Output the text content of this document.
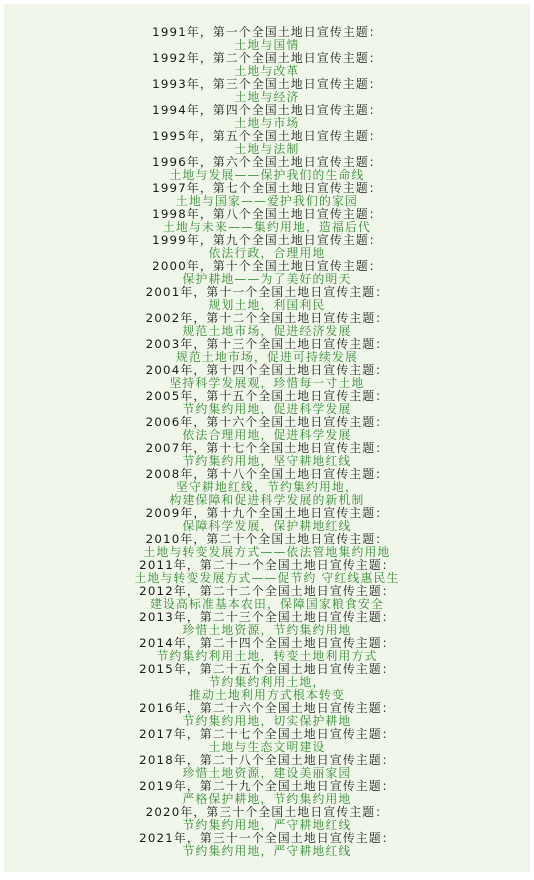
1991年，第一个全国土地日宣传主题：
土地与国情
1992年，第二个全国土地日宣传主题：
土地与改革
1993年，第三个全国土地日宣传主题：
土地与经济
1994年，第四个全国土地日宣传主题：
土地与市场
1995年，第五个全国土地日宣传主题：
土地与法制
1996年，第六个全国土地日宣传主题：
土地与发展——保护我们的生命线
1997年，第七个全国土地日宣传主题：
土地与国家——爱护我们的家园
1998年，第八个全国土地日宣传主题：
土地与未来——集约用地，造福后代
1999年，第九个全国土地日宣传主题：
依法行政，合理用地
2000年，第十个全国土地日宣传主题：
保护耕地——为了美好的明天
2001年，第十一个全国土地日宣传主题：
规划土地，利国利民
2002年，第十二个全国土地日宣传主题：
规范土地市场，促进经济发展
2003年，第十三个全国土地日宣传主题：
规范土地市场，促进可持续发展
2004年，第十四个全国土地日宣传主题：
坚持科学发展观，珍惜每一寸土地
2005年，第十五个全国土地日宣传主题：
节约集约用地，促进科学发展
2006年，第十六个全国土地日宣传主题：
依法合理用地，促进科学发展
2007年，第十七个全国土地日宣传主题：
节约集约用地，坚守耕地红线
2008年，第十八个全国土地日宣传主题：
坚守耕地红线，节约集约用地，
构建保障和促进科学发展的新机制
2009年，第十九个全国土地日宣传主题：
保障科学发展，保护耕地红线
2010年，第二十个全国土地日宣传主题：
土地与转变发展方式——依法管地集约用地
2011年，第二十一个全国土地日宣传主题：
土地与转变发展方式——促节约 守红线惠民生
2012年，第二十二个全国土地日宣传主题：
建设高标准基本农田，保障国家粮食安全
2013年，第二十三个全国土地日宣传主题：
珍惜土地资源，节约集约用地
2014年，第二十四个全国土地日宣传主题：
节约集约利用土地，转变土地利用方式
2015年，第二十五个全国土地日宣传主题：
节约集约利用土地，
推动土地利用方式根本转变
2016年，第二十六个全国土地日宣传主题：
节约集约用地，切实保护耕地
2017年，第二十七个全国土地日宣传主题：
土地与生态文明建设
2018年，第二十八个全国土地日宣传主题：
珍惜土地资源，建设美丽家园
2019年，第二十九个全国土地日宣传主题：
严格保护耕地，节约集约用地
2020年，第三十个全国土地日宣传主题：
节约集约用地，严守耕地红线
2021年，第三十一个全国土地日宣传主题：
节约集约用地，严守耕地红线
